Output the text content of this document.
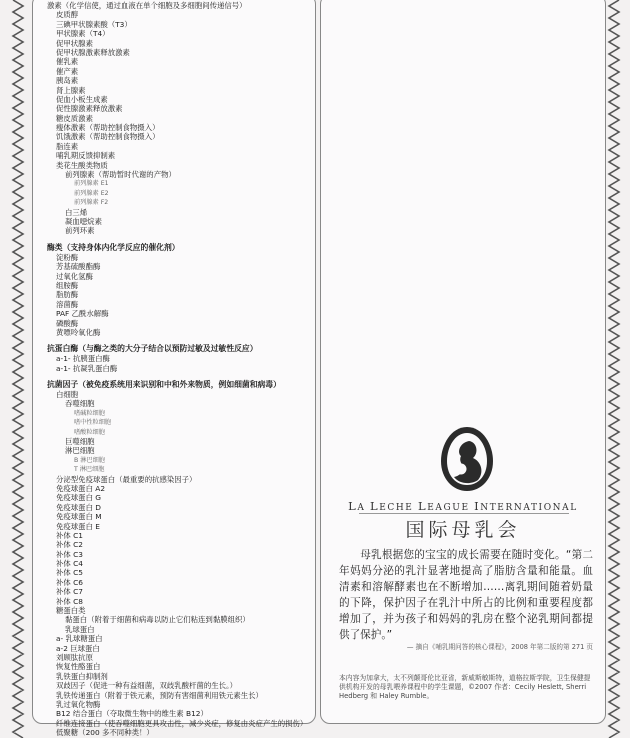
激素（化学信使，通过血液在单个细胞及多细胞间传递信号）
皮质醇
三碘甲状腺素酸（T3）
甲状腺素（T4）
促甲状腺素
促甲状腺激素释放激素
催乳素
催产素
胰岛素
肾上腺素
促血小板生成素
促性腺激素释放激素
糖皮质激素
瘦体激素（帮助控制食物摄入）
饥饿激素（帮助控制食物摄入）
脂连素
哺乳期反馈抑制素
类花生酸类物质
前列腺素（帮助暂时代谢的产物）
前列腺素 E1
前列腺素 E2
前列腺素 F2
白三烯
凝血噁烷素
前列环素
酶类（支持身体内化学反应的催化剂）
淀粉酶
芳基硫酸酯酶
过氧化氢酶
组胺酶
脂肪酶
溶菌酶
PAF 乙酰水解酶
磷酸酶
黄嘌呤氧化酶
抗蛋白酶（与酶之类的大分子结合以预防过敏及过敏性反应）
a-1- 抗胰蛋白酶
a-1- 抗凝乳蛋白酶
抗菌因子（被免疫系统用来识别和中和外来物质，例如细菌和病毒）
白细胞
吞噬细胞
嗜碱粒细胞
嗜中性粒细胞
嗜酸粒细胞
巨噬细胞
淋巴细胞
B 淋巴细胞
T 淋巴细胞
分泌型免疫球蛋白（最重要的抗感染因子）
免疫球蛋白 A2
免疫球蛋白 G
免疫球蛋白 D
免疫球蛋白 M
免疫球蛋白 E
补体 C1
补体 C2
补体 C3
补体 C4
补体 C5
补体 C6
补体 C7
补体 C8
糖蛋白类
黏蛋白（附着于细菌和病毒以防止它们粘连到黏膜组织）
乳球蛋白
a- 乳球糖蛋白
a-2 巨球蛋白
刘顾肽抗原
恢复性酪蛋白
乳铁蛋白抑制剂
双歧因子（促进一种有益细菌，双歧乳酸杆菌的生长。）
乳铁传递蛋白（附着于铁元素，预防有害细菌利用铁元素生长）
乳过氧化物酶
B12 结合蛋白（夺取微生物中的维生素 B12）
纤维连接蛋白（使吞噬细胞更具攻击性，减少炎症，修复由炎症产生的损伤）
低聚糖（200 多不同种类！）
LA LECHE LEAGUE INTERNATIONAL
国际母乳会
母乳根据您的宝宝的成长需要在随时变化。“第二年妈妈分泌的乳汁显著地提高了脂肪含量和能量。血清素和溶解酵素也在不断增加……离乳期间随着奶量的下降，保护因子在乳汁中所占的比例和重要程度都增加了，并为孩子和妈妈的乳房在整个泌乳期间都提供了保护。”
— 摘自《哺乳期问答的核心课程》，2008 年第二版的第 271 页
本内容为加拿大，太不列颠哥伦比亚省，新威斯敏斯特，道格拉斯学院，卫生保健提供机构开发的母乳喂养课程中的学生课题，©2007 作者：Cecily Heslett, Sherri Hedberg 和 Haley Rumble。
